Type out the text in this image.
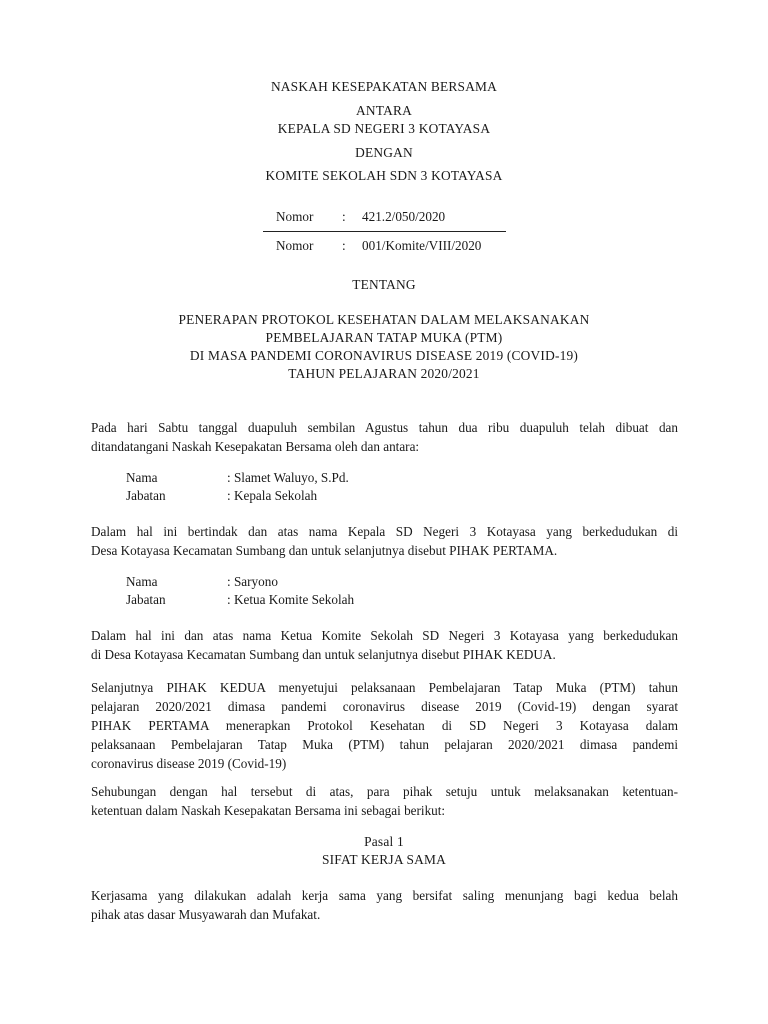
NASKAH KESEPAKATAN BERSAMA
ANTARA
KEPALA SD NEGERI 3 KOTAYASA
DENGAN
KOMITE SEKOLAH SDN 3 KOTAYASA
Nomor : 421.2/050/2020
Nomor : 001/Komite/VIII/2020
TENTANG
PENERAPAN PROTOKOL KESEHATAN DALAM MELAKSANAKAN
PEMBELAJARAN TATAP MUKA (PTM)
DI MASA PANDEMI CORONAVIRUS DISEASE 2019 (COVID-19)
TAHUN PELAJARAN 2020/2021
Pada hari Sabtu tanggal duapuluh sembilan Agustus tahun dua ribu duapuluh telah dibuat dan
ditandatangani Naskah Kesepakatan Bersama oleh dan antara:
Nama	: Slamet Waluyo, S.Pd.
Jabatan	: Kepala Sekolah
Dalam hal ini bertindak dan atas nama Kepala SD Negeri 3 Kotayasa yang berkedudukan di
Desa Kotayasa Kecamatan Sumbang dan untuk selanjutnya disebut PIHAK PERTAMA.
Nama	: Saryono
Jabatan	: Ketua Komite Sekolah
Dalam hal ini dan atas nama Ketua Komite Sekolah SD Negeri 3 Kotayasa yang berkedudukan
di Desa Kotayasa Kecamatan Sumbang dan untuk selanjutnya disebut PIHAK KEDUA.
Selanjutnya PIHAK KEDUA menyetujui pelaksanaan Pembelajaran Tatap Muka (PTM) tahun
pelajaran 2020/2021 dimasa pandemi coronavirus disease 2019 (Covid-19) dengan syarat
PIHAK PERTAMA menerapkan Protokol Kesehatan di SD Negeri 3 Kotayasa dalam
pelaksanaan Pembelajaran Tatap Muka (PTM) tahun pelajaran 2020/2021 dimasa pandemi
coronavirus disease 2019 (Covid-19)
Sehubungan dengan hal tersebut di atas, para pihak setuju untuk melaksanakan ketentuan-
ketentuan dalam Naskah Kesepakatan Bersama ini sebagai berikut:
Pasal 1
SIFAT KERJA SAMA
Kerjasama yang dilakukan adalah kerja sama yang bersifat saling menunjang bagi kedua belah
pihak atas dasar Musyawarah dan Mufakat.
